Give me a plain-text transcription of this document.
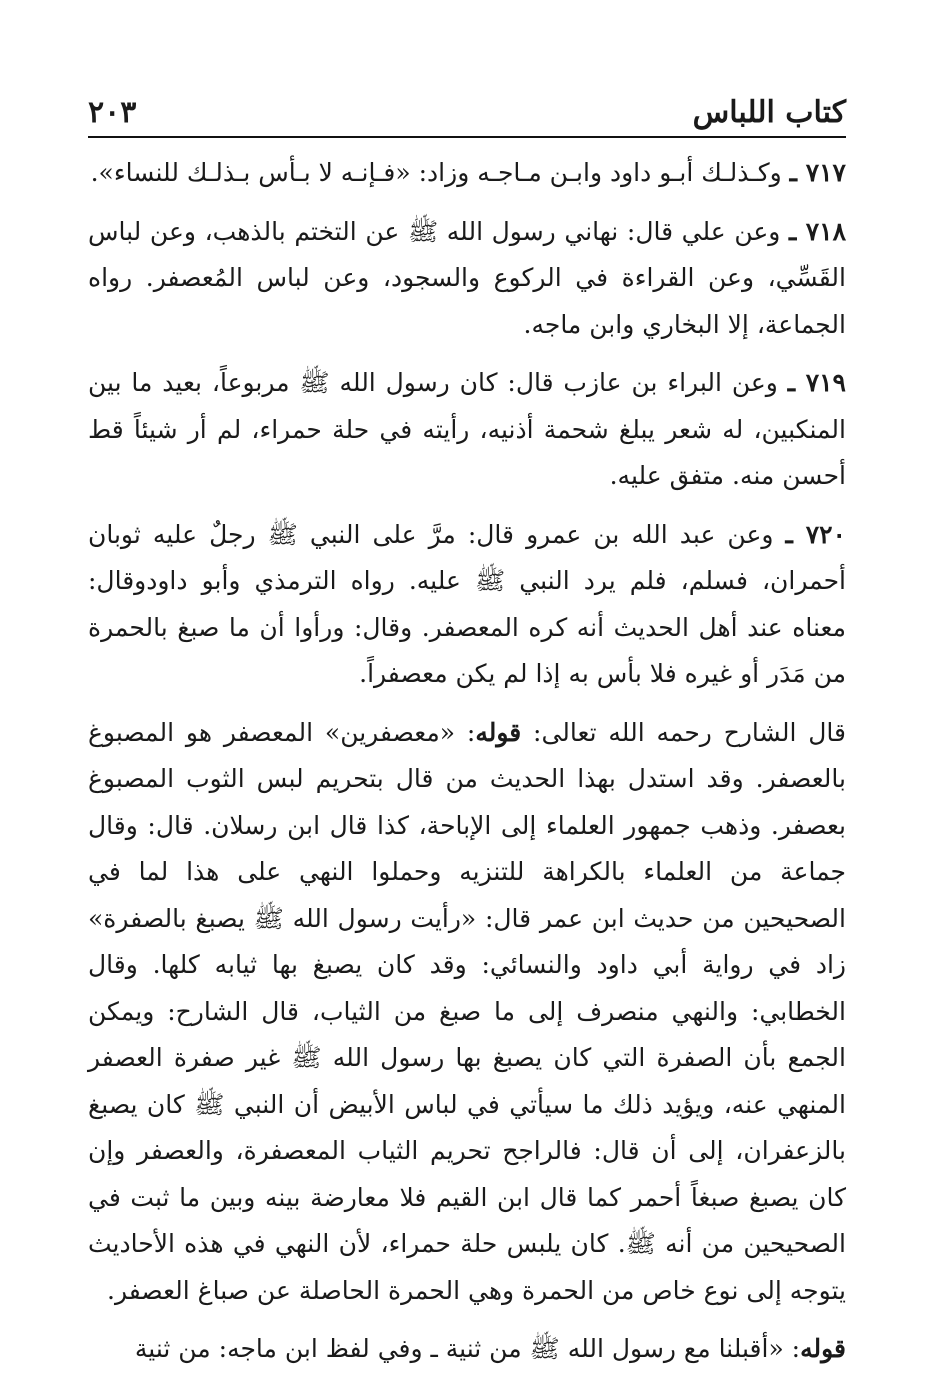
كتاب اللباس
٢٠٣

٧١٧ ـ وكـذلـك أبـو داود وابـن مـاجـه وزاد: «فـإنـه لا بـأس بـذلـك للنساء».

٧١٨ ـ وعن علي قال: نهاني رسول الله ﷺ عن التختم بالذهب، وعن لباس القَسِّي، وعن القراءة في الركوع والسجود، وعن لباس المُعصفر. رواه الجماعة، إلا البخاري وابن ماجه.

٧١٩ ـ وعن البراء بن عازب قال: كان رسول الله ﷺ مربوعاً، بعيد ما بين المنكبين، له شعر يبلغ شحمة أذنيه، رأيته في حلة حمراء، لم أر شيئاً قط أحسن منه. متفق عليه.

٧٢٠ ـ وعن عبد الله بن عمرو قال: مرَّ على النبي ﷺ رجلٌ عليه ثوبان أحمران، فسلم، فلم يرد النبي ﷺ عليه. رواه الترمذي وأبو داودوقال: معناه عند أهل الحديث أنه كره المعصفر. وقال: ورأوا أن ما صبغ بالحمرة من مَدَر أو غيره فلا بأس به إذا لم يكن معصفراً.

قال الشارح رحمه الله تعالى: قوله: «معصفرين» المعصفر هو المصبوغ بالعصفر. وقد استدل بهذا الحديث من قال بتحريم لبس الثوب المصبوغ بعصفر. وذهب جمهور العلماء إلى الإباحة، كذا قال ابن رسلان. قال: وقال جماعة من العلماء بالكراهة للتنزيه وحملوا النهي على هذا لما في الصحيحين من حديث ابن عمر قال: «رأيت رسول الله ﷺ يصبغ بالصفرة» زاد في رواية أبي داود والنسائي: وقد كان يصبغ بها ثيابه كلها. وقال الخطابي: والنهي منصرف إلى ما صبغ من الثياب، قال الشارح: ويمكن الجمع بأن الصفرة التي كان يصبغ بها رسول الله ﷺ غير صفرة العصفر المنهي عنه، ويؤيد ذلك ما سيأتي في لباس الأبيض أن النبي ﷺ كان يصبغ بالزعفران، إلى أن قال: فالراجح تحريم الثياب المعصفرة، والعصفر وإن كان يصبغ صبغاً أحمر كما قال ابن القيم فلا معارضة بينه وبين ما ثبت في الصحيحين من أنه ﷺ. كان يلبس حلة حمراء، لأن النهي في هذه الأحاديث يتوجه إلى نوع خاص من الحمرة وهي الحمرة الحاصلة عن صباغ العصفر.

قوله: «أقبلنا مع رسول الله ﷺ من ثنية ـ وفي لفظ ابن ماجه: من ثنية
